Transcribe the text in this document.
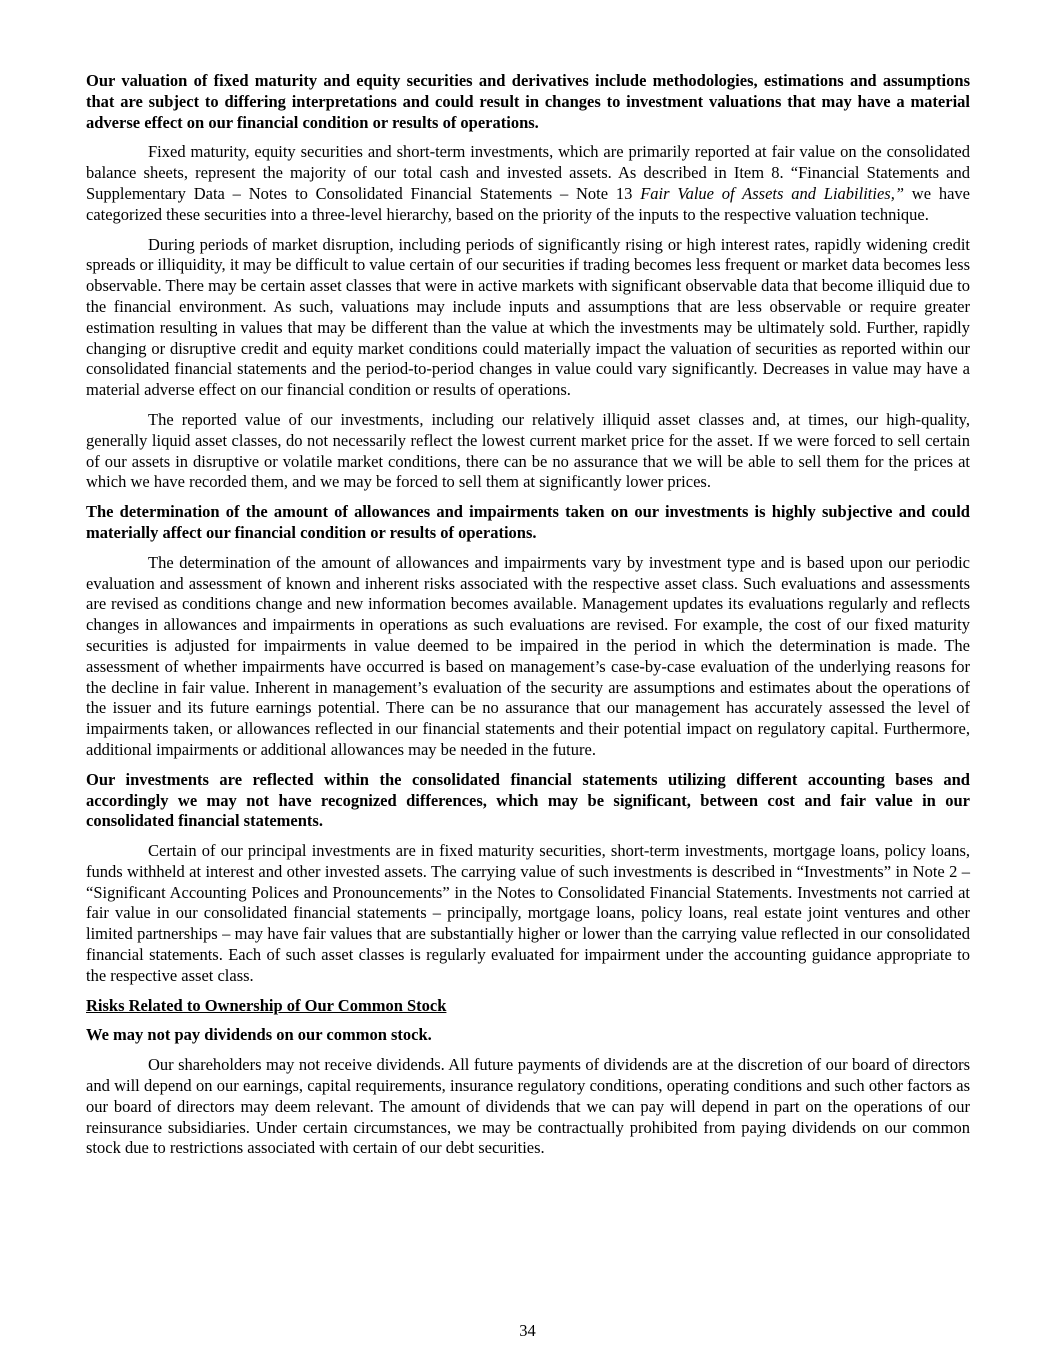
Our valuation of fixed maturity and equity securities and derivatives include methodologies, estimations and assumptions that are subject to differing interpretations and could result in changes to investment valuations that may have a material adverse effect on our financial condition or results of operations.

Fixed maturity, equity securities and short-term investments, which are primarily reported at fair value on the consolidated balance sheets, represent the majority of our total cash and invested assets. As described in Item 8. “Financial Statements and Supplementary Data – Notes to Consolidated Financial Statements – Note 13 Fair Value of Assets and Liabilities,” we have categorized these securities into a three-level hierarchy, based on the priority of the inputs to the respective valuation technique.

During periods of market disruption, including periods of significantly rising or high interest rates, rapidly widening credit spreads or illiquidity, it may be difficult to value certain of our securities if trading becomes less frequent or market data becomes less observable. There may be certain asset classes that were in active markets with significant observable data that become illiquid due to the financial environment. As such, valuations may include inputs and assumptions that are less observable or require greater estimation resulting in values that may be different than the value at which the investments may be ultimately sold. Further, rapidly changing or disruptive credit and equity market conditions could materially impact the valuation of securities as reported within our consolidated financial statements and the period-to-period changes in value could vary significantly. Decreases in value may have a material adverse effect on our financial condition or results of operations.

The reported value of our investments, including our relatively illiquid asset classes and, at times, our high-quality, generally liquid asset classes, do not necessarily reflect the lowest current market price for the asset. If we were forced to sell certain of our assets in disruptive or volatile market conditions, there can be no assurance that we will be able to sell them for the prices at which we have recorded them, and we may be forced to sell them at significantly lower prices.

The determination of the amount of allowances and impairments taken on our investments is highly subjective and could materially affect our financial condition or results of operations.

The determination of the amount of allowances and impairments vary by investment type and is based upon our periodic evaluation and assessment of known and inherent risks associated with the respective asset class. Such evaluations and assessments are revised as conditions change and new information becomes available. Management updates its evaluations regularly and reflects changes in allowances and impairments in operations as such evaluations are revised. For example, the cost of our fixed maturity securities is adjusted for impairments in value deemed to be impaired in the period in which the determination is made. The assessment of whether impairments have occurred is based on management’s case-by-case evaluation of the underlying reasons for the decline in fair value. Inherent in management’s evaluation of the security are assumptions and estimates about the operations of the issuer and its future earnings potential. There can be no assurance that our management has accurately assessed the level of impairments taken, or allowances reflected in our financial statements and their potential impact on regulatory capital. Furthermore, additional impairments or additional allowances may be needed in the future.

Our investments are reflected within the consolidated financial statements utilizing different accounting bases and accordingly we may not have recognized differences, which may be significant, between cost and fair value in our consolidated financial statements.

Certain of our principal investments are in fixed maturity securities, short-term investments, mortgage loans, policy loans, funds withheld at interest and other invested assets. The carrying value of such investments is described in “Investments” in Note 2 – “Significant Accounting Polices and Pronouncements” in the Notes to Consolidated Financial Statements. Investments not carried at fair value in our consolidated financial statements – principally, mortgage loans, policy loans, real estate joint ventures and other limited partnerships – may have fair values that are substantially higher or lower than the carrying value reflected in our consolidated financial statements. Each of such asset classes is regularly evaluated for impairment under the accounting guidance appropriate to the respective asset class.

Risks Related to Ownership of Our Common Stock

We may not pay dividends on our common stock.

Our shareholders may not receive dividends. All future payments of dividends are at the discretion of our board of directors and will depend on our earnings, capital requirements, insurance regulatory conditions, operating conditions and such other factors as our board of directors may deem relevant. The amount of dividends that we can pay will depend in part on the operations of our reinsurance subsidiaries. Under certain circumstances, we may be contractually prohibited from paying dividends on our common stock due to restrictions associated with certain of our debt securities.

34
